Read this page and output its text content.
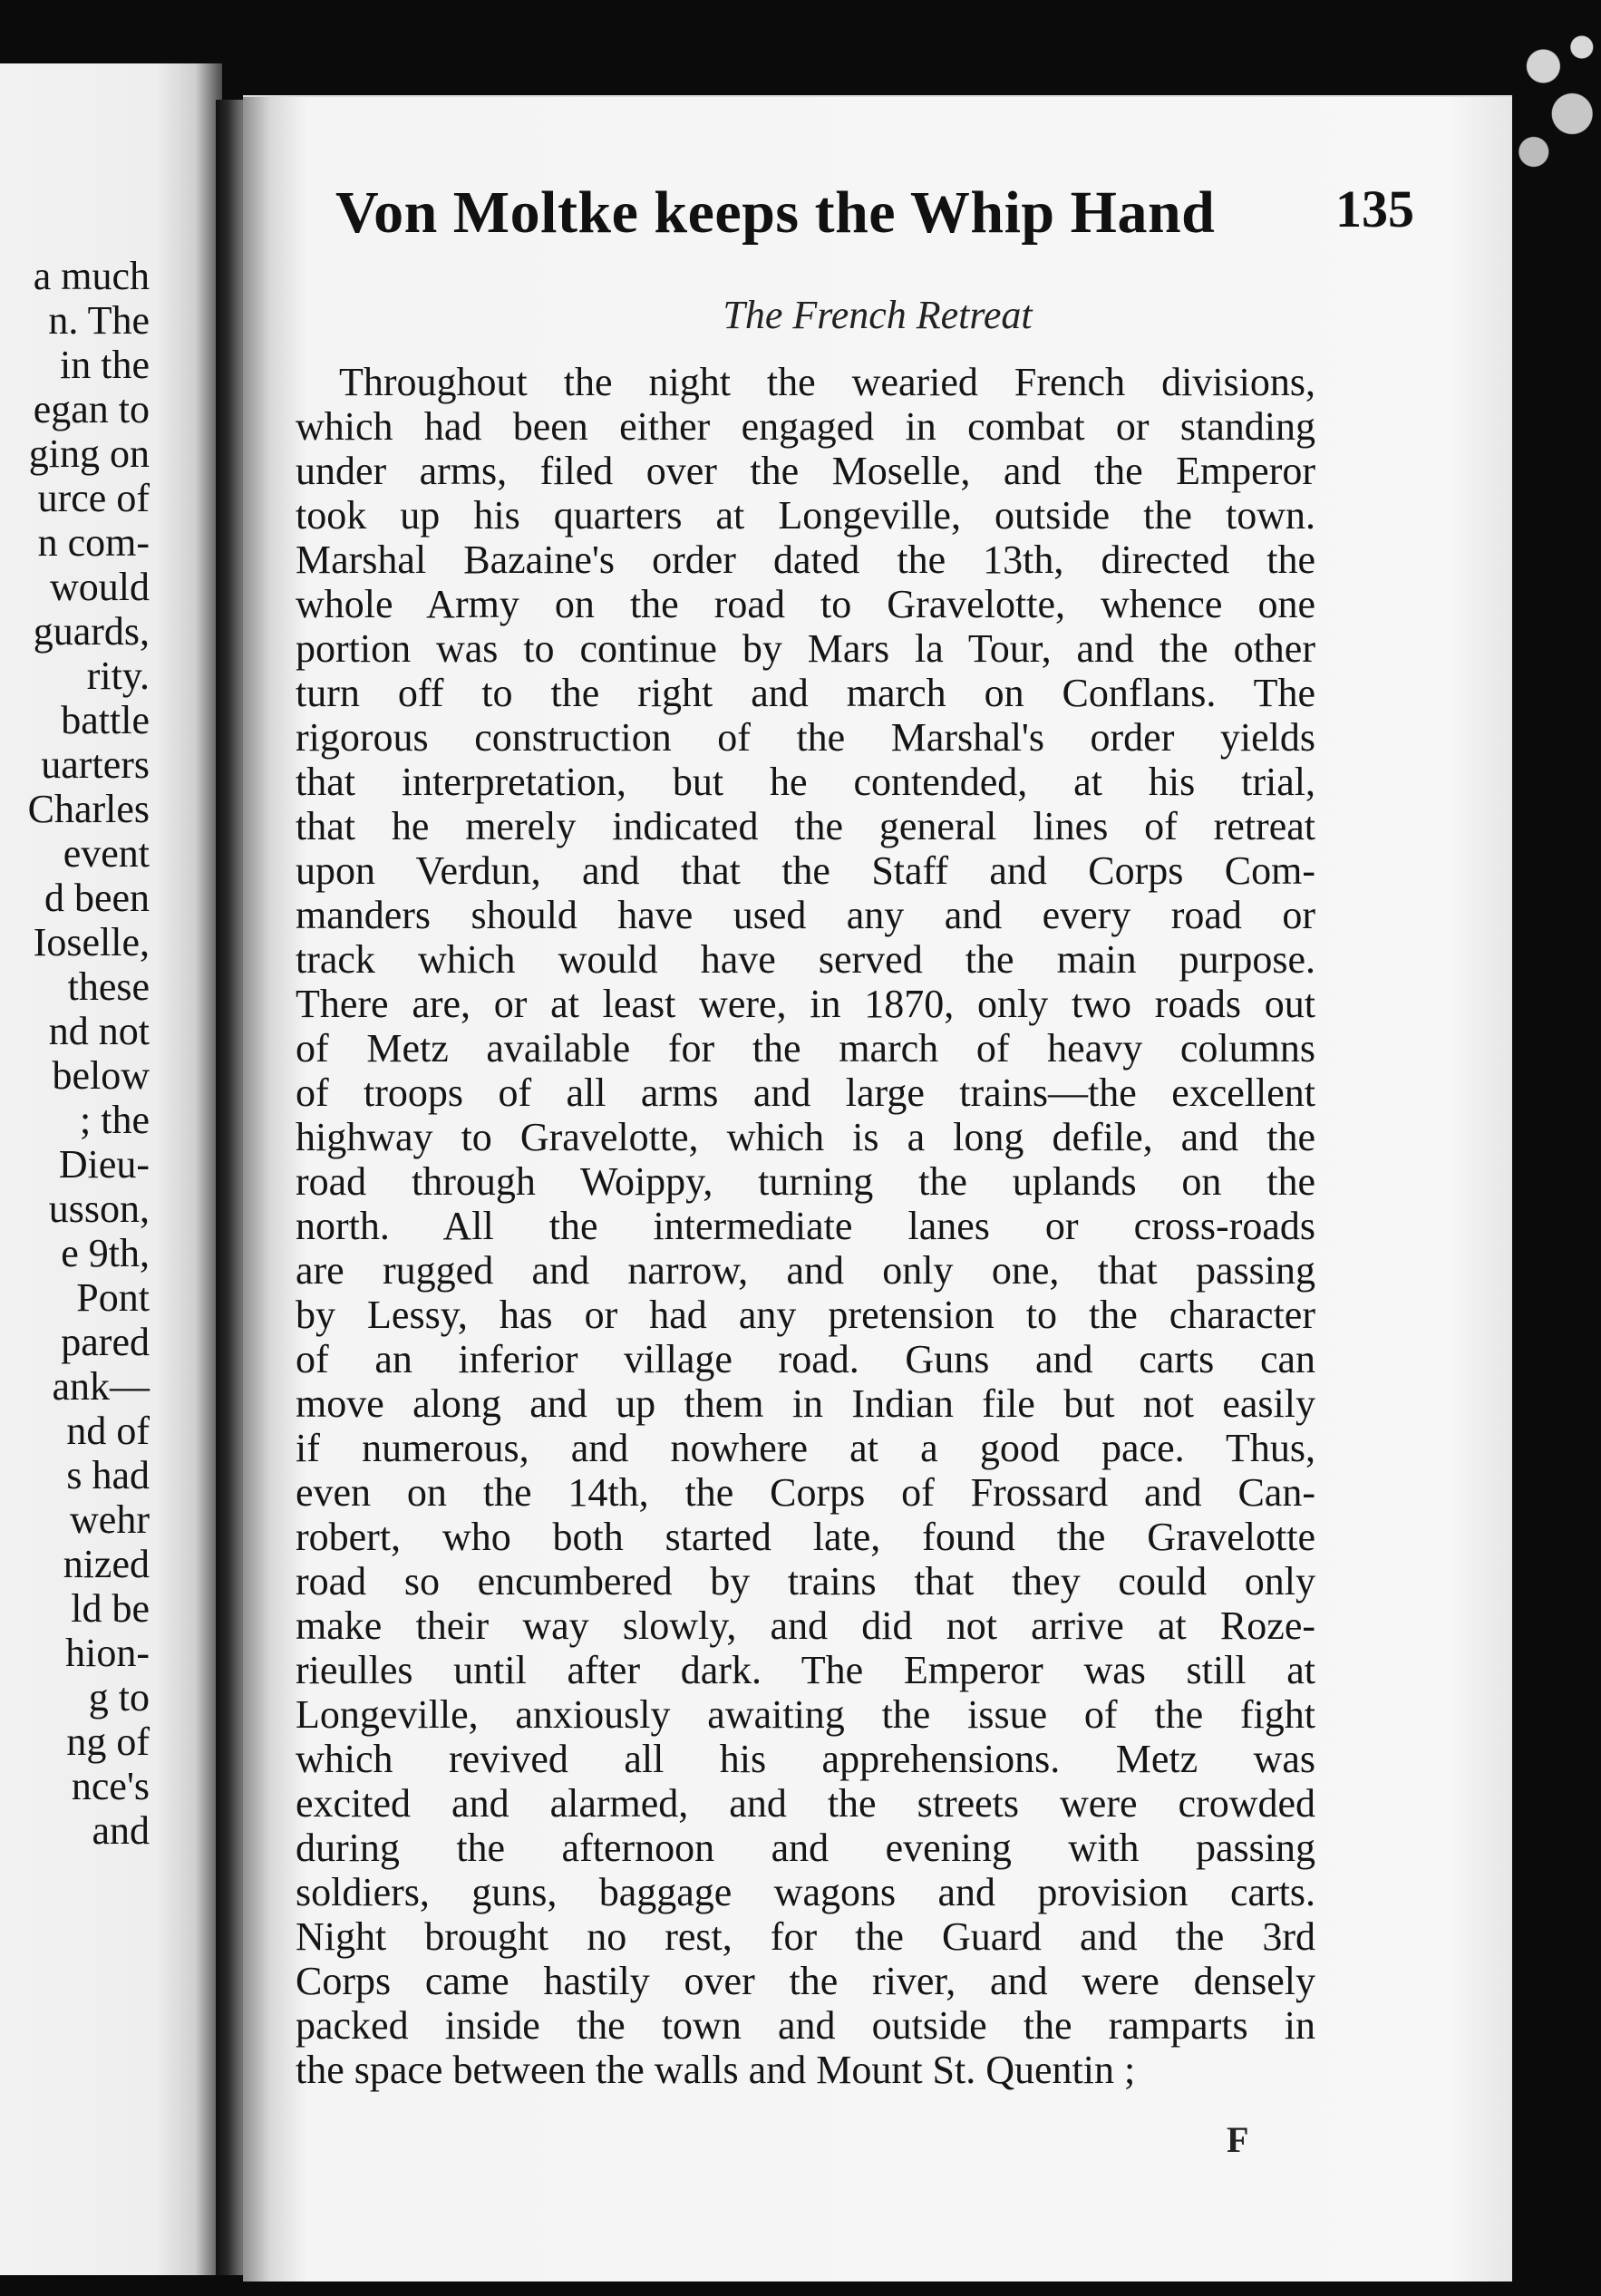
a much
n. The
in the
egan to
ging on
urce of
n com-
would
guards,
rity.
battle
uarters
Charles
event
d been
Ioselle,
these
nd not
below
; the
Dieu-
usson,
e 9th,
Pont
pared
ank—
nd of
s had
wehr
nized
ld be
hion-
g to
ng of
nce's
and
Von Moltke keeps the Whip Hand 135
The French Retreat
Throughout the night the wearied French divisions,
which had been either engaged in combat or standing
under arms, filed over the Moselle, and the Emperor
took up his quarters at Longeville, outside the town.
Marshal Bazaine's order dated the 13th, directed the
whole Army on the road to Gravelotte, whence one
portion was to continue by Mars la Tour, and the other
turn off to the right and march on Conflans. The
rigorous construction of the Marshal's order yields
that interpretation, but he contended, at his trial,
that he merely indicated the general lines of retreat
upon Verdun, and that the Staff and Corps Com-
manders should have used any and every road or
track which would have served the main purpose.
There are, or at least were, in 1870, only two roads out
of Metz available for the march of heavy columns
of troops of all arms and large trains—the excellent
highway to Gravelotte, which is a long defile, and the
road through Woippy, turning the uplands on the
north. All the intermediate lanes or cross-roads
are rugged and narrow, and only one, that passing
by Lessy, has or had any pretension to the character
of an inferior village road. Guns and carts can
move along and up them in Indian file but not easily
if numerous, and nowhere at a good pace. Thus,
even on the 14th, the Corps of Frossard and Can-
robert, who both started late, found the Gravelotte
road so encumbered by trains that they could only
make their way slowly, and did not arrive at Roze-
rieulles until after dark. The Emperor was still at
Longeville, anxiously awaiting the issue of the fight
which revived all his apprehensions. Metz was
excited and alarmed, and the streets were crowded
during the afternoon and evening with passing
soldiers, guns, baggage wagons and provision carts.
Night brought no rest, for the Guard and the 3rd
Corps came hastily over the river, and were densely
packed inside the town and outside the ramparts in
the space between the walls and Mount St. Quentin ;
F
